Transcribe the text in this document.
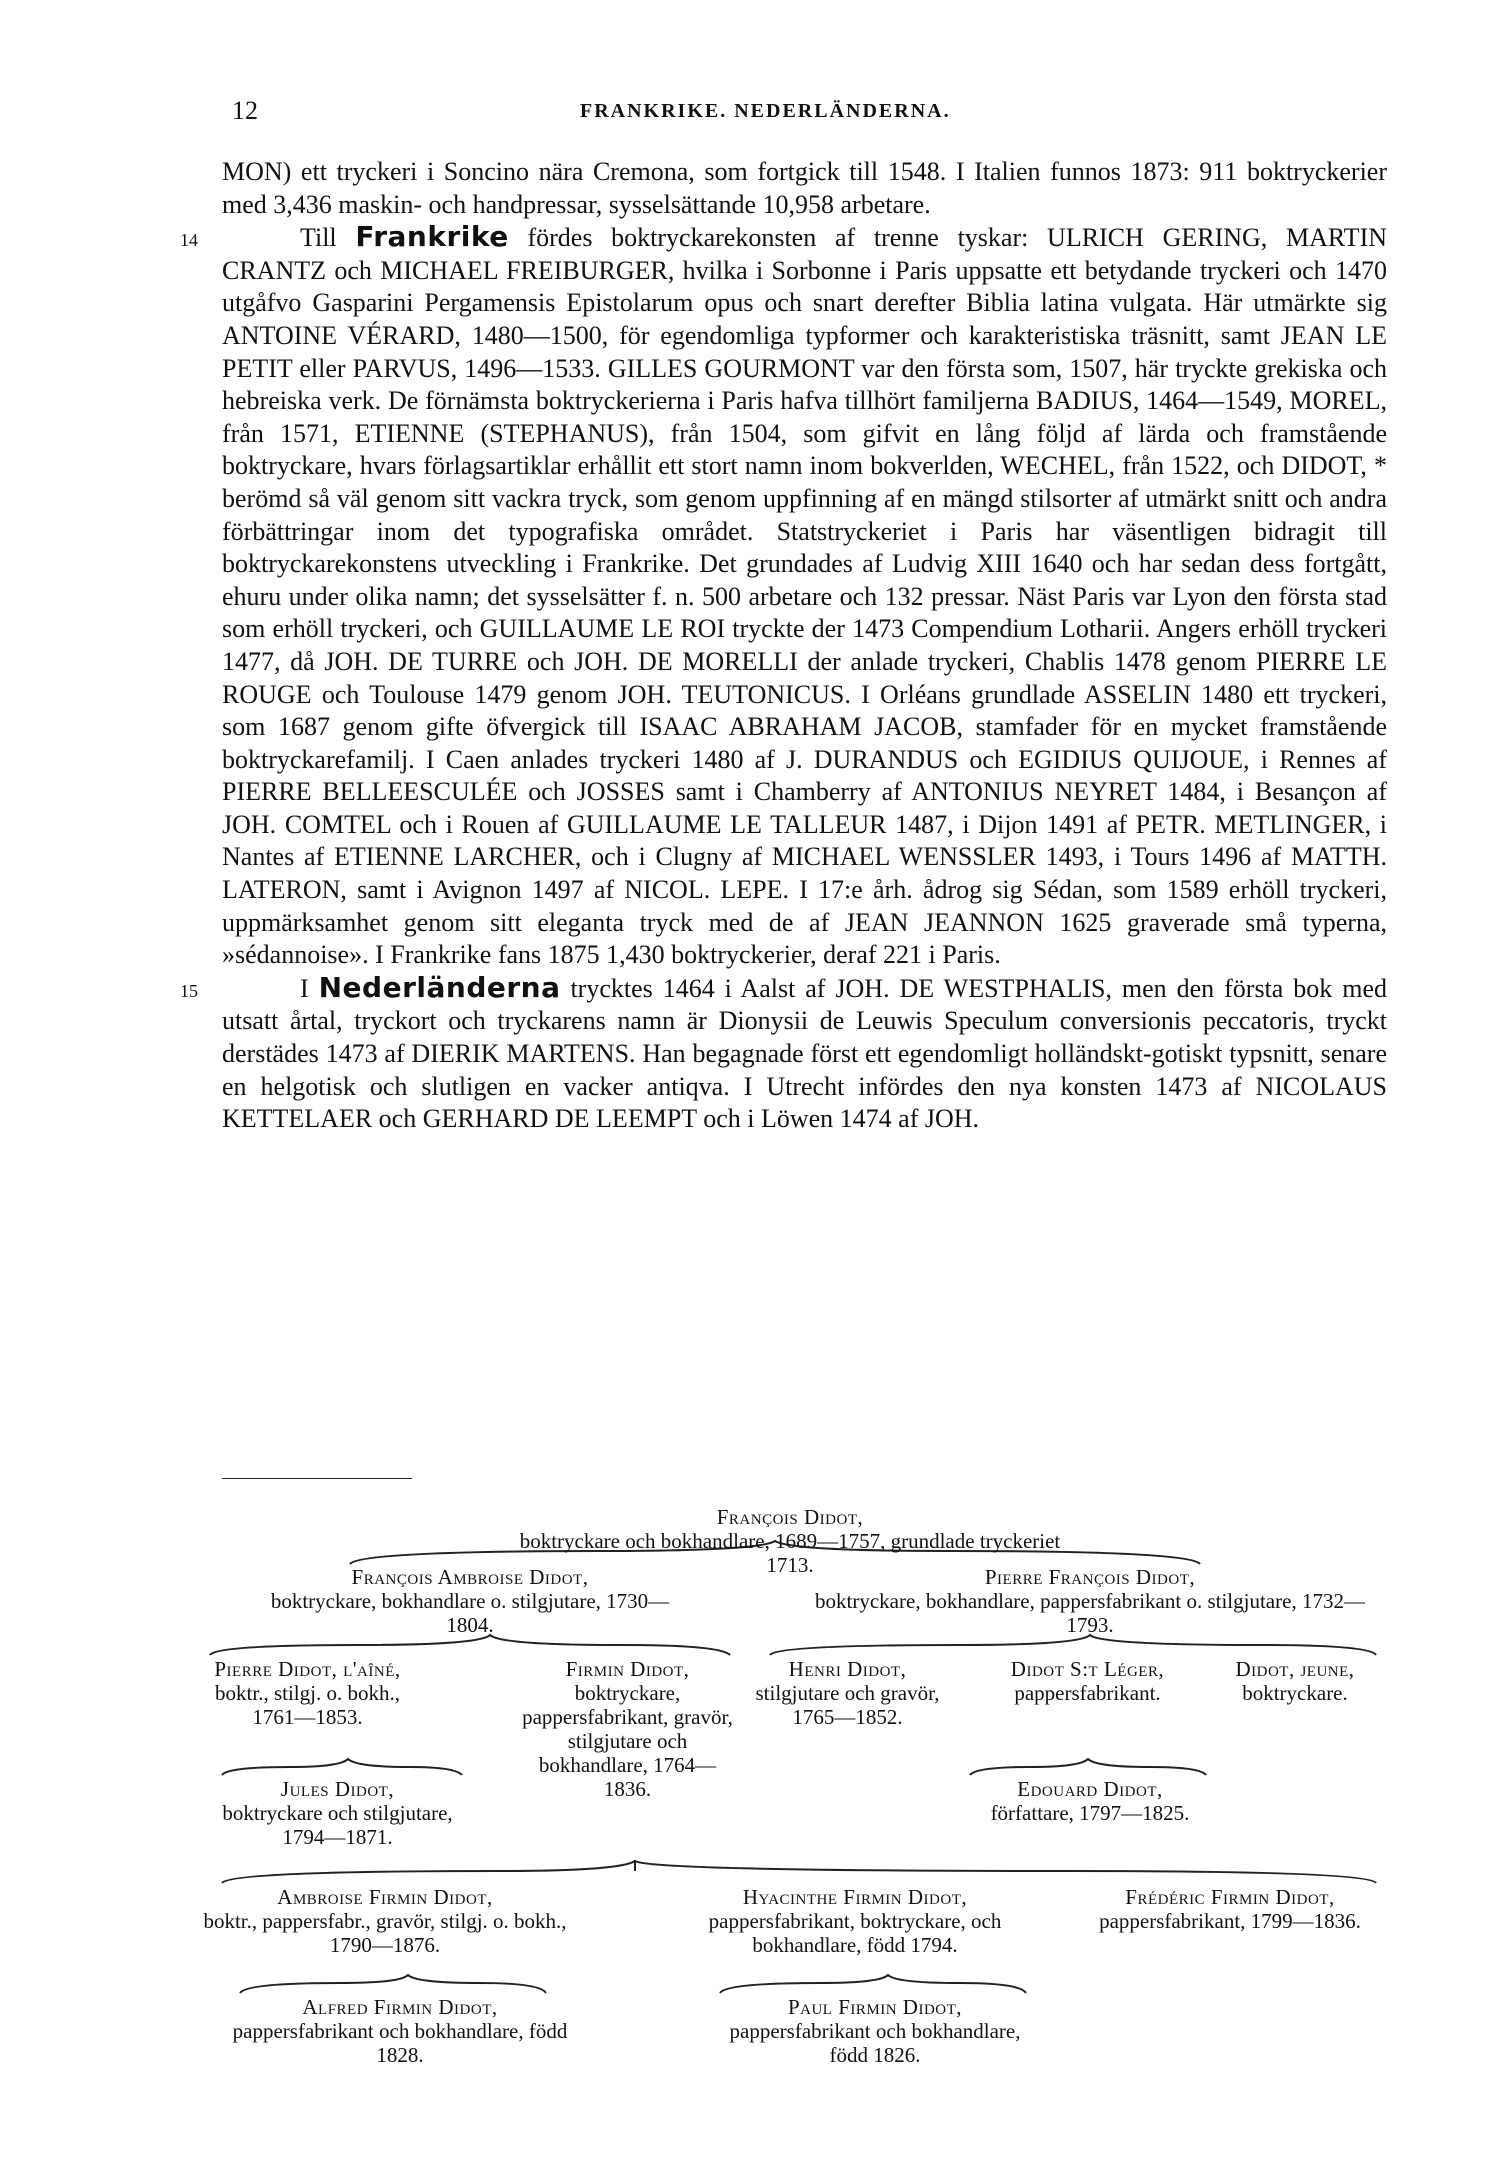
12	FRANKRIKE. NEDERLÄNDERNA.

MON) ett tryckeri i Soncino nära Cremona, som fortgick till 1548. I Italien funnos 1873: 911 boktryckerier med 3,436 maskin- och handpressar, sysselsättande 10,958 arbetare.

14	Till Frankrike fördes boktryckarekonsten af trenne tyskar: ULRICH GERING, MARTIN CRANTZ och MICHAEL FREIBURGER, hvilka i Sorbonne i Paris uppsatte ett betydande tryckeri och 1470 utgåfvo Gasparini Pergamensis Epistolarum opus och snart derefter Biblia latina vulgata. Här utmärkte sig ANTOINE VÉRARD, 1480—1500, för egendomliga typformer och karakteristiska träsnitt, samt JEAN LE PETIT eller PARVUS, 1496—1533. GILLES GOURMONT var den första som, 1507, här tryckte grekiska och hebreiska verk. De förnämsta boktryckerierna i Paris hafva tillhört familjerna BADIUS, 1464—1549, MOREL, från 1571, ETIENNE (STEPHANUS), från 1504, som gifvit en lång följd af lärda och framstående boktryckare, hvars förlagsartiklar erhållit ett stort namn inom bokverlden, WECHEL, från 1522, och DIDOT, * berömd så väl genom sitt vackra tryck, som genom uppfinning af en mängd stilsorter af utmärkt snitt och andra förbättringar inom det typografiska området. Statstryckeriet i Paris har väsentligen bidragit till boktryckarekonstens utveckling i Frankrike. Det grundades af Ludvig XIII 1640 och har sedan dess fortgått, ehuru under olika namn; det sysselsätter f. n. 500 arbetare och 132 pressar. Näst Paris var Lyon den första stad som erhöll tryckeri, och GUILLAUME LE ROI tryckte der 1473 Compendium Lotharii. Angers erhöll tryckeri 1477, då JOH. DE TURRE och JOH. DE MORELLI der anlade tryckeri, Chablis 1478 genom PIERRE LE ROUGE och Toulouse 1479 genom JOH. TEUTONICUS. I Orléans grundlade ASSELIN 1480 ett tryckeri, som 1687 genom gifte öfvergick till ISAAC ABRAHAM JACOB, stamfader för en mycket framstående boktryckarefamilj. I Caen anlades tryckeri 1480 af J. DURANDUS och EGIDIUS QUIJOUE, i Rennes af PIERRE BELLEESCULÉE och JOSSES samt i Chamberry af ANTONIUS NEYRET 1484, i Besançon af JOH. COMTEL och i Rouen af GUILLAUME LE TALLEUR 1487, i Dijon 1491 af PETR. METLINGER, i Nantes af ETIENNE LARCHER, och i Clugny af MICHAEL WENSSLER 1493, i Tours 1496 af MATTH. LATERON, samt i Avignon 1497 af NICOL. LEPE. I 17:e årh. ådrog sig Sédan, som 1589 erhöll tryckeri, uppmärksamhet genom sitt eleganta tryck med de af JEAN JEANNON 1625 graverade små typerna, »sédannoise». I Frankrike fans 1875 1,430 boktryckerier, deraf 221 i Paris.

15	I Nederländerna trycktes 1464 i Aalst af JOH. DE WESTPHALIS, men den första bok med utsatt årtal, tryckort och tryckarens namn är Dionysii de Leuwis Speculum conversionis peccatoris, tryckt derstädes 1473 af DIERIK MARTENS. Han begagnade först ett egendomligt holländskt-gotiskt typsnitt, senare en helgotisk och slutligen en vacker antiqva. I Utrecht infördes den nya konsten 1473 af NICOLAUS KETTELAER och GERHARD DE LEEMPT och i Löwen 1474 af JOH.

François Didot,
boktryckare och bokhandlare, 1689—1757, grundlade tryckeriet 1713.
François Ambroise Didot,
boktryckare, bokhandlare o. stilgjutare, 1730—1804.
Pierre François Didot,
boktryckare, bokhandlare, pappersfabrikant o. stilgjutare, 1732—1793.
Pierre Didot, l'aîné,
boktr., stilgj. o. bokh., 1761—1853.
Firmin Didot,
boktryckare, pappersfabrikant, gravör, stilgjutare och bokhandlare, 1764—1836.
Henri Didot,
stilgjutare och gravör, 1765—1852.
Didot S:t Léger,
pappersfabrikant.
Didot, jeune,
boktryckare.
Jules Didot,
boktryckare och stilgjutare, 1794—1871.
Edouard Didot,
författare, 1797—1825.
Ambroise Firmin Didot,
boktr., pappersfabr., gravör, stilgj. o. bokh., 1790—1876.
Hyacinthe Firmin Didot,
pappersfabrikant, boktryckare, och bokhandlare, född 1794.
Frédéric Firmin Didot,
pappersfabrikant, 1799—1836.
Alfred Firmin Didot,
pappersfabrikant och bokhandlare, född 1828.
Paul Firmin Didot,
pappersfabrikant och bokhandlare, född 1826.
